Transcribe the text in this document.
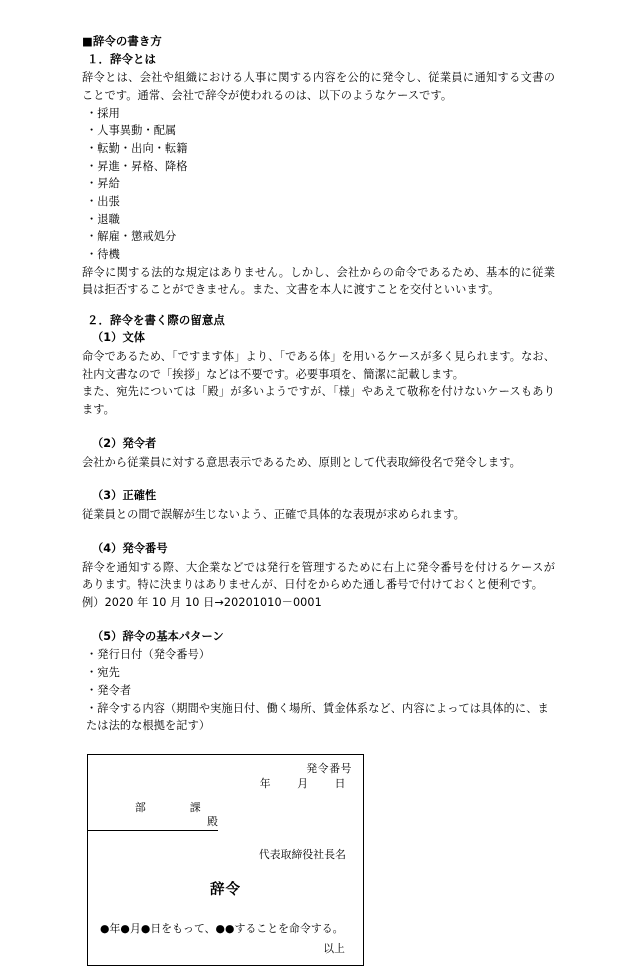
■辞令の書き方
１．辞令とは

辞令とは、会社や組織における人事に関する内容を公的に発令し、従業員に通知する文書のことです。通常、会社で辞令が使われるのは、以下のようなケースです。

・採用
・人事異動・配属
・転勤・出向・転籍
・昇進・昇格、降格
・昇給
・出張
・退職
・解雇・懲戒処分
・待機

辞令に関する法的な規定はありません。しかし、会社からの命令であるため、基本的に従業員は拒否することができません。また、文書を本人に渡すことを交付といいます。

２．辞令を書く際の留意点
（1）文体

命令であるため、「ですます体」より、「である体」を用いるケースが多く見られます。なお、社内文書なので「挨拶」などは不要です。必要事項を、簡潔に記載します。

また、宛先については「殿」が多いようですが、「様」やあえて敬称を付けないケースもあります。

（2）発令者

会社から従業員に対する意思表示であるため、原則として代表取締役名で発令します。

（3）正確性

従業員との間で誤解が生じないよう、正確で具体的な表現が求められます。

（4）発令番号

辞令を通知する際、大企業などでは発行を管理するために右上に発令番号を付けるケースがあります。特に決まりはありませんが、日付をからめた通し番号で付けておくと便利です。

例）2020 年 10 月 10 日→20201010－0001
（5）辞令の基本パターン
・発行日付（発令番号）
・宛先
・発令者
・辞令する内容（期間や実施日付、働く場所、賃金体系など、内容によっては具体的に、または法的な根拠を記す）
発令番号
年 月 日
部	課
殿
代表取締役社長名
辞令
●年●月●日をもって、●●することを命令する。
以上
